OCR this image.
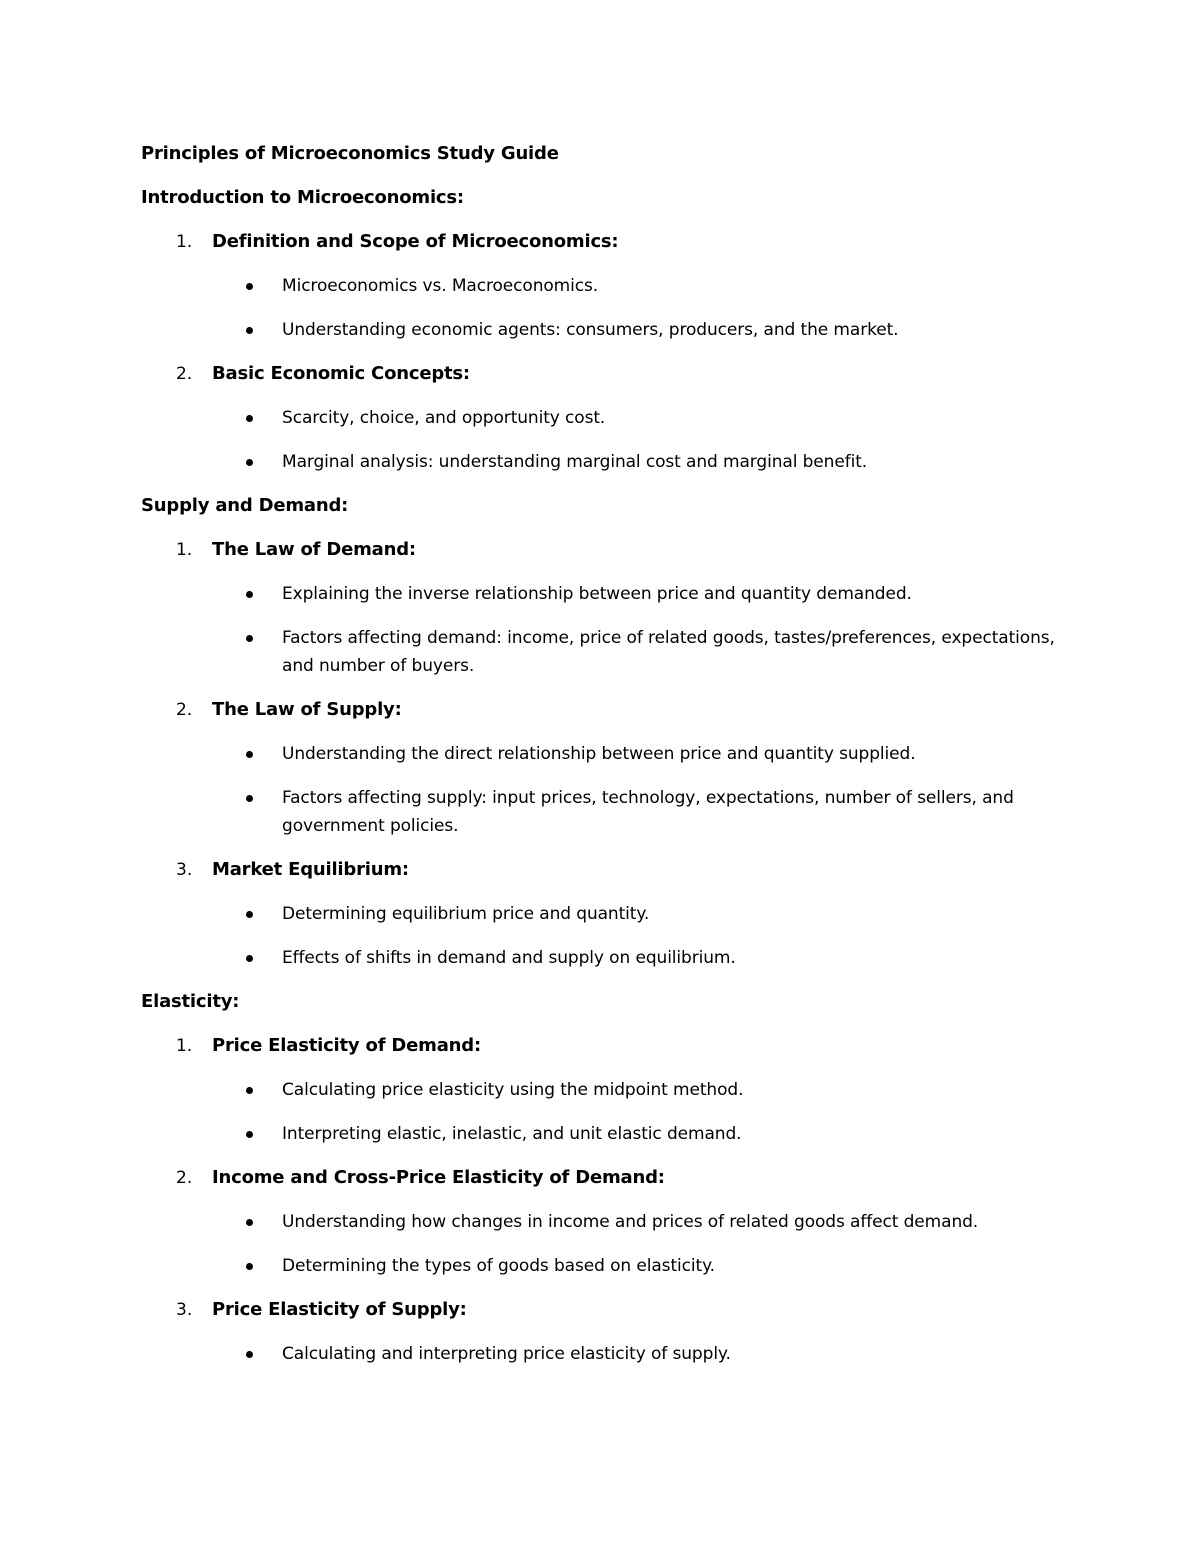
Principles of Microeconomics Study Guide
Introduction to Microeconomics:
1. Definition and Scope of Microeconomics:
Microeconomics vs. Macroeconomics.
Understanding economic agents: consumers, producers, and the market.
2. Basic Economic Concepts:
Scarcity, choice, and opportunity cost.
Marginal analysis: understanding marginal cost and marginal benefit.
Supply and Demand:
1. The Law of Demand:
Explaining the inverse relationship between price and quantity demanded.
Factors affecting demand: income, price of related goods, tastes/preferences, expectations, and number of buyers.
2. The Law of Supply:
Understanding the direct relationship between price and quantity supplied.
Factors affecting supply: input prices, technology, expectations, number of sellers, and government policies.
3. Market Equilibrium:
Determining equilibrium price and quantity.
Effects of shifts in demand and supply on equilibrium.
Elasticity:
1. Price Elasticity of Demand:
Calculating price elasticity using the midpoint method.
Interpreting elastic, inelastic, and unit elastic demand.
2. Income and Cross-Price Elasticity of Demand:
Understanding how changes in income and prices of related goods affect demand.
Determining the types of goods based on elasticity.
3. Price Elasticity of Supply:
Calculating and interpreting price elasticity of supply.
